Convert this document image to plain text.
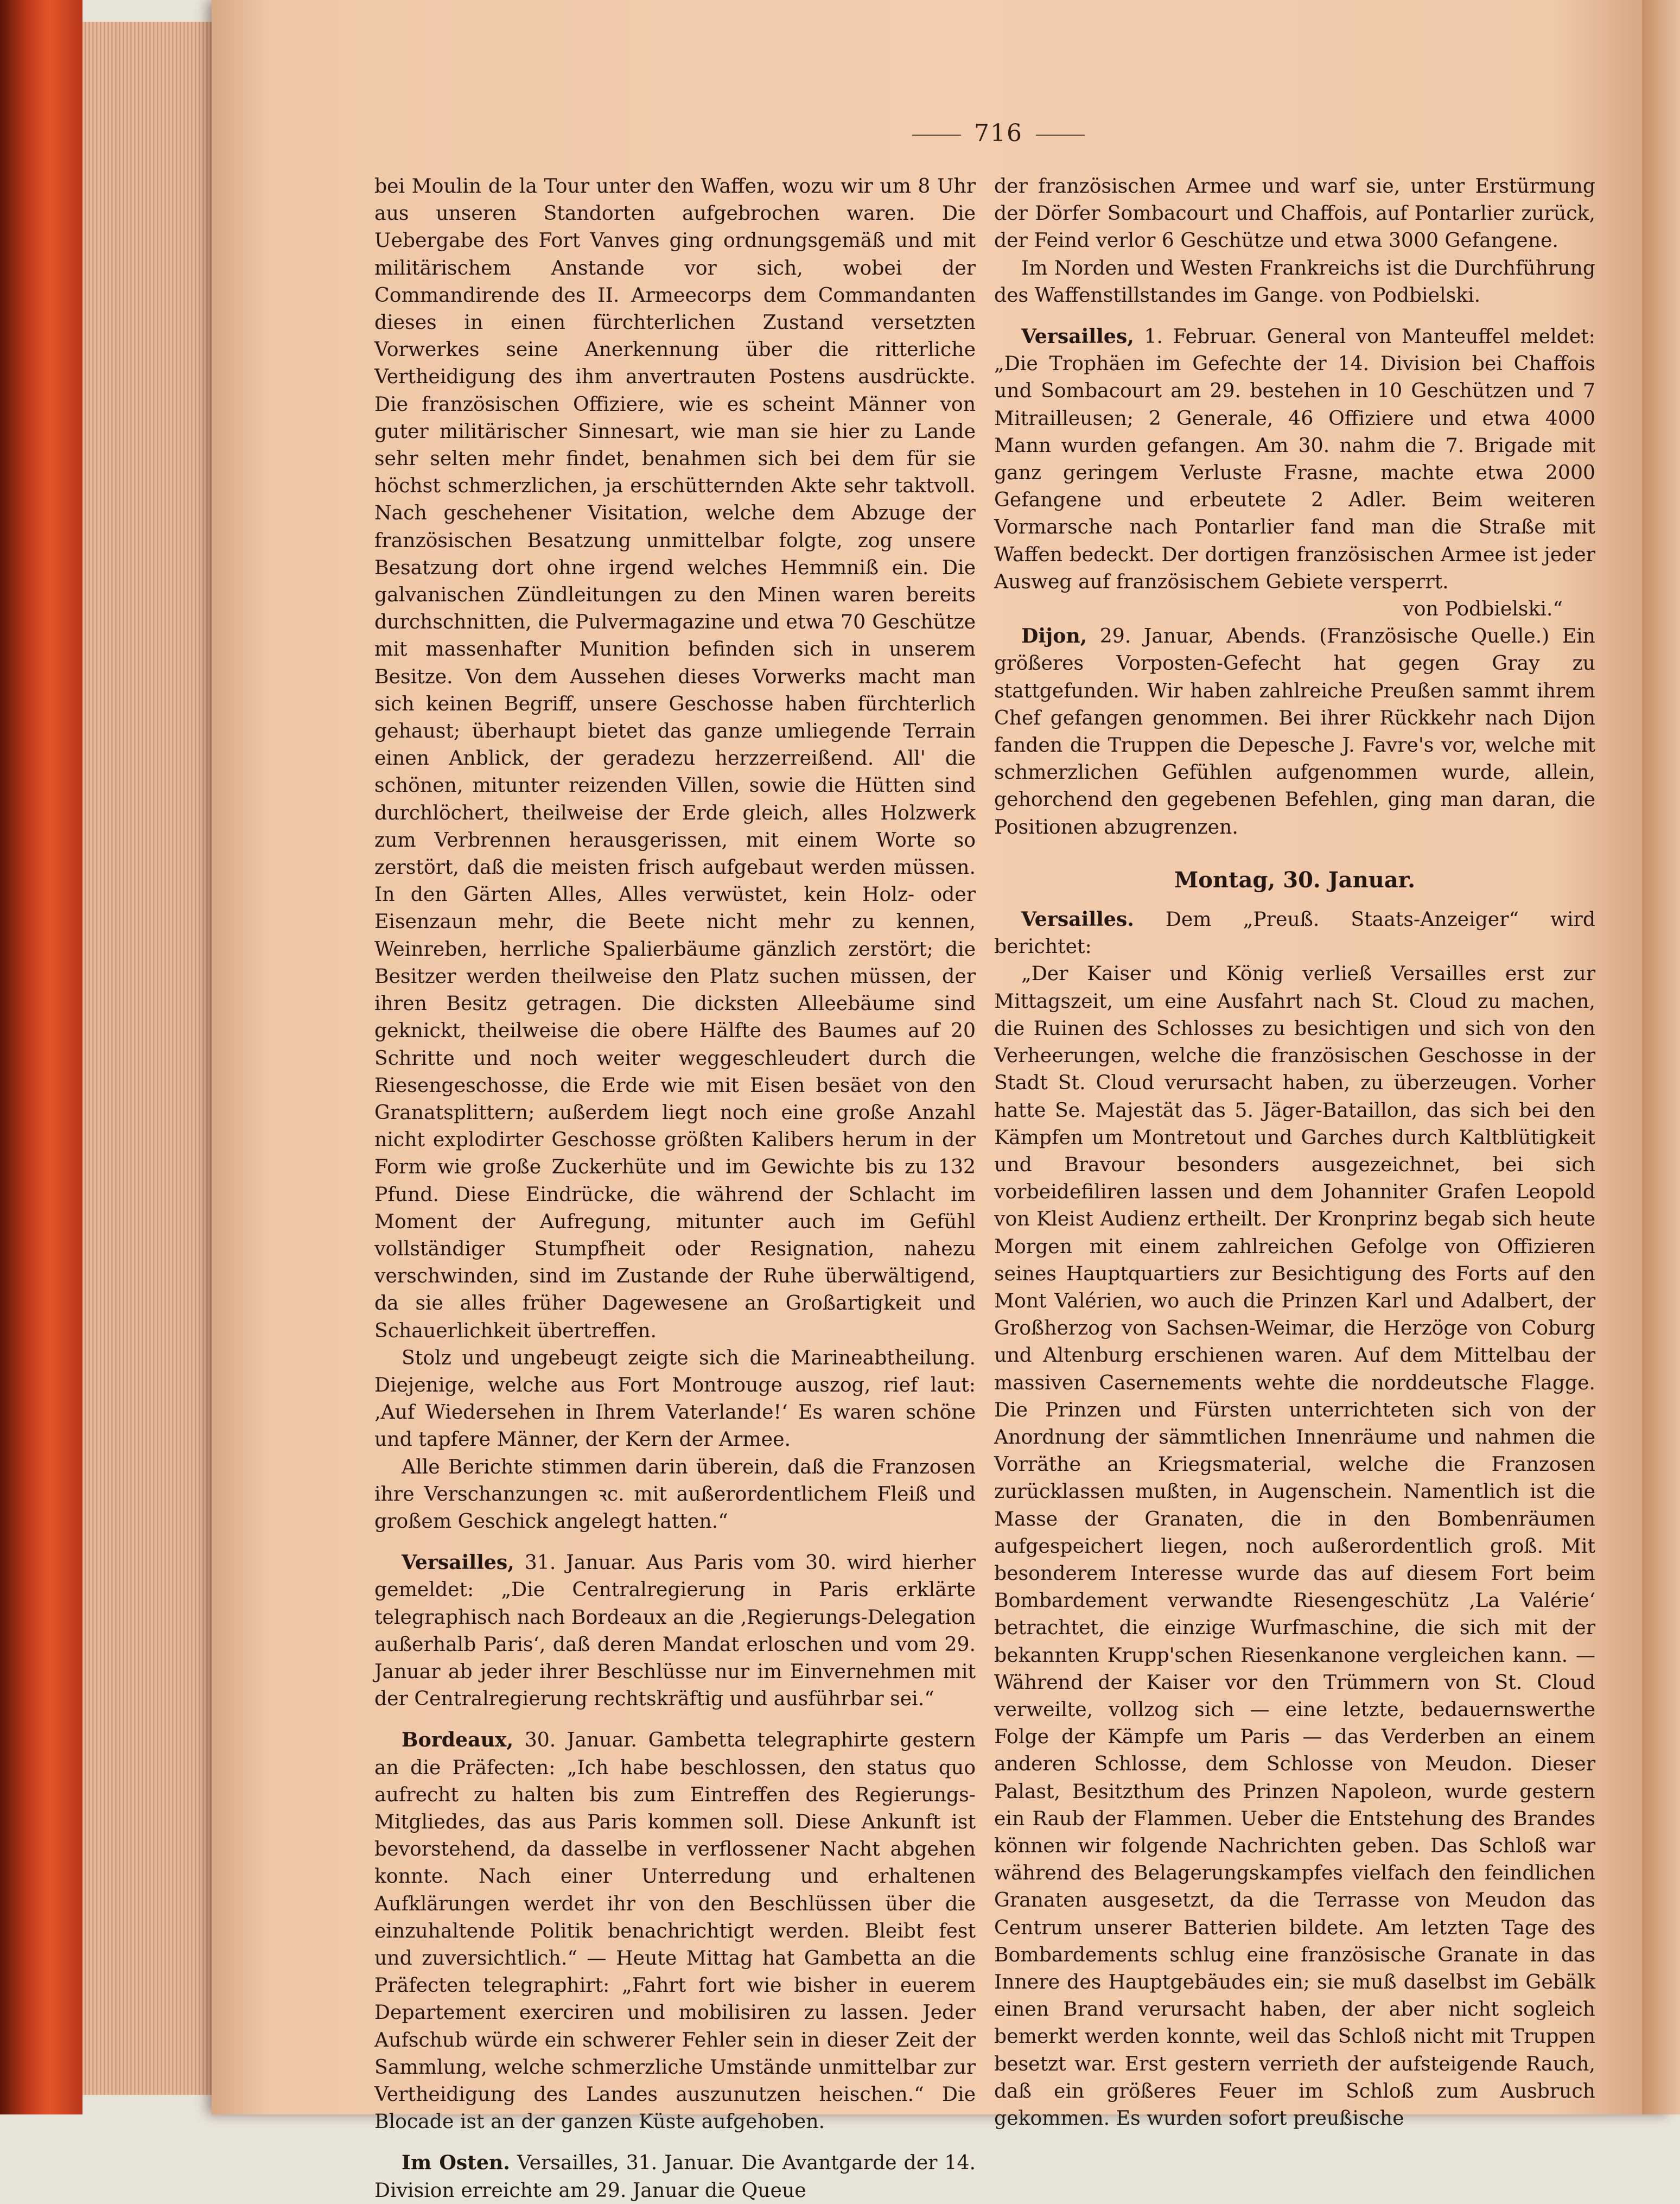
716

bei Moulin de la Tour unter den Waffen, wozu wir um 8 Uhr aus unseren Standorten aufgebrochen waren. Die Uebergabe des Fort Vanves ging ordnungsgemäß und mit militärischem Anstande vor sich, wobei der Commandirende des II. Armeecorps dem Commandanten dieses in einen fürchterlichen Zustand versetzten Vorwerkes seine Anerkennung über die ritterliche Vertheidigung des ihm anvertrauten Postens ausdrückte. Die französischen Offiziere, wie es scheint Männer von guter militärischer Sinnesart, wie man sie hier zu Lande sehr selten mehr findet, benahmen sich bei dem für sie höchst schmerzlichen, ja erschütternden Akte sehr taktvoll. Nach geschehener Visitation, welche dem Abzuge der französischen Besatzung unmittelbar folgte, zog unsere Besatzung dort ohne irgend welches Hemmniß ein. Die galvanischen Zündleitungen zu den Minen waren bereits durchschnitten, die Pulvermagazine und etwa 70 Geschütze mit massenhafter Munition befinden sich in unserem Besitze. Von dem Aussehen dieses Vorwerks macht man sich keinen Begriff, unsere Geschosse haben fürchterlich gehaust; überhaupt bietet das ganze umliegende Terrain einen Anblick, der geradezu herzzerreißend. All' die schönen, mitunter reizenden Villen, sowie die Hütten sind durchlöchert, theilweise der Erde gleich, alles Holzwerk zum Verbrennen herausgerissen, mit einem Worte so zerstört, daß die meisten frisch aufgebaut werden müssen. In den Gärten Alles, Alles verwüstet, kein Holz- oder Eisenzaun mehr, die Beete nicht mehr zu kennen, Weinreben, herrliche Spalierbäume gänzlich zerstört; die Besitzer werden theilweise den Platz suchen müssen, der ihren Besitz getragen. Die dicksten Alleebäume sind geknickt, theilweise die obere Hälfte des Baumes auf 20 Schritte und noch weiter weggeschleudert durch die Riesengeschosse, die Erde wie mit Eisen besäet von den Granatsplittern; außerdem liegt noch eine große Anzahl nicht explodirter Geschosse größten Kalibers herum in der Form wie große Zuckerhüte und im Gewichte bis zu 132 Pfund. Diese Eindrücke, die während der Schlacht im Moment der Aufregung, mitunter auch im Gefühl vollständiger Stumpfheit oder Resignation, nahezu verschwinden, sind im Zustande der Ruhe überwältigend, da sie alles früher Dagewesene an Großartigkeit und Schauerlichkeit übertreffen.

Stolz und ungebeugt zeigte sich die Marineabtheilung. Diejenige, welche aus Fort Montrouge auszog, rief laut: ‚Auf Wiedersehen in Ihrem Vaterlande!‘ Es waren schöne und tapfere Männer, der Kern der Armee.

Alle Berichte stimmen darin überein, daß die Franzosen ihre Verschanzungen ꝛc. mit außerordentlichem Fleiß und großem Geschick angelegt hatten.“

Versailles, 31. Januar. Aus Paris vom 30. wird hierher gemeldet: „Die Centralregierung in Paris erklärte telegraphisch nach Bordeaux an die ‚Regierungs-Delegation außerhalb Paris‘, daß deren Mandat erloschen und vom 29. Januar ab jeder ihrer Beschlüsse nur im Einvernehmen mit der Centralregierung rechtskräftig und ausführbar sei.“

Bordeaux, 30. Januar. Gambetta telegraphirte gestern an die Präfecten: „Ich habe beschlossen, den status quo aufrecht zu halten bis zum Eintreffen des Regierungs-Mitgliedes, das aus Paris kommen soll. Diese Ankunft ist bevorstehend, da dasselbe in verflossener Nacht abgehen konnte. Nach einer Unterredung und erhaltenen Aufklärungen werdet ihr von den Beschlüssen über die einzuhaltende Politik benachrichtigt werden. Bleibt fest und zuversichtlich.“ — Heute Mittag hat Gambetta an die Präfecten telegraphirt: „Fahrt fort wie bisher in euerem Departement exerciren und mobilisiren zu lassen. Jeder Aufschub würde ein schwerer Fehler sein in dieser Zeit der Sammlung, welche schmerzliche Umstände unmittelbar zur Vertheidigung des Landes auszunutzen heischen.“ Die Blocade ist an der ganzen Küste aufgehoben.

Im Osten. Versailles, 31. Januar. Die Avantgarde der 14. Division erreichte am 29. Januar die Queue

der französischen Armee und warf sie, unter Erstürmung der Dörfer Sombacourt und Chaffois, auf Pontarlier zurück, der Feind verlor 6 Geschütze und etwa 3000 Gefangene.

Im Norden und Westen Frankreichs ist die Durchführung des Waffenstillstandes im Gange. von Podbielski.

Versailles, 1. Februar. General von Manteuffel meldet: „Die Trophäen im Gefechte der 14. Division bei Chaffois und Sombacourt am 29. bestehen in 10 Geschützen und 7 Mitrailleusen; 2 Generale, 46 Offiziere und etwa 4000 Mann wurden gefangen. Am 30. nahm die 7. Brigade mit ganz geringem Verluste Frasne, machte etwa 2000 Gefangene und erbeutete 2 Adler. Beim weiteren Vormarsche nach Pontarlier fand man die Straße mit Waffen bedeckt. Der dortigen französischen Armee ist jeder Ausweg auf französischem Gebiete versperrt.

von Podbielski.“

Dijon, 29. Januar, Abends. (Französische Quelle.) Ein größeres Vorposten-Gefecht hat gegen Gray zu stattgefunden. Wir haben zahlreiche Preußen sammt ihrem Chef gefangen genommen. Bei ihrer Rückkehr nach Dijon fanden die Truppen die Depesche J. Favre's vor, welche mit schmerzlichen Gefühlen aufgenommen wurde, allein, gehorchend den gegebenen Befehlen, ging man daran, die Positionen abzugrenzen.

Montag, 30. Januar.

Versailles. Dem „Preuß. Staats-Anzeiger“ wird berichtet:

„Der Kaiser und König verließ Versailles erst zur Mittagszeit, um eine Ausfahrt nach St. Cloud zu machen, die Ruinen des Schlosses zu besichtigen und sich von den Verheerungen, welche die französischen Geschosse in der Stadt St. Cloud verursacht haben, zu überzeugen. Vorher hatte Se. Majestät das 5. Jäger-Bataillon, das sich bei den Kämpfen um Montretout und Garches durch Kaltblütigkeit und Bravour besonders ausgezeichnet, bei sich vorbeidefiliren lassen und dem Johanniter Grafen Leopold von Kleist Audienz ertheilt. Der Kronprinz begab sich heute Morgen mit einem zahlreichen Gefolge von Offizieren seines Hauptquartiers zur Besichtigung des Forts auf den Mont Valérien, wo auch die Prinzen Karl und Adalbert, der Großherzog von Sachsen-Weimar, die Herzöge von Coburg und Altenburg erschienen waren. Auf dem Mittelbau der massiven Casernements wehte die norddeutsche Flagge. Die Prinzen und Fürsten unterrichteten sich von der Anordnung der sämmtlichen Innenräume und nahmen die Vorräthe an Kriegsmaterial, welche die Franzosen zurücklassen mußten, in Augenschein. Namentlich ist die Masse der Granaten, die in den Bombenräumen aufgespeichert liegen, noch außerordentlich groß. Mit besonderem Interesse wurde das auf diesem Fort beim Bombardement verwandte Riesengeschütz ‚La Valérie‘ betrachtet, die einzige Wurfmaschine, die sich mit der bekannten Krupp'schen Riesenkanone vergleichen kann. — Während der Kaiser vor den Trümmern von St. Cloud verweilte, vollzog sich — eine letzte, bedauernswerthe Folge der Kämpfe um Paris — das Verderben an einem anderen Schlosse, dem Schlosse von Meudon. Dieser Palast, Besitzthum des Prinzen Napoleon, wurde gestern ein Raub der Flammen. Ueber die Entstehung des Brandes können wir folgende Nachrichten geben. Das Schloß war während des Belagerungskampfes vielfach den feindlichen Granaten ausgesetzt, da die Terrasse von Meudon das Centrum unserer Batterien bildete. Am letzten Tage des Bombardements schlug eine französische Granate in das Innere des Hauptgebäudes ein; sie muß daselbst im Gebälk einen Brand verursacht haben, der aber nicht sogleich bemerkt werden konnte, weil das Schloß nicht mit Truppen besetzt war. Erst gestern verrieth der aufsteigende Rauch, daß ein größeres Feuer im Schloß zum Ausbruch gekommen. Es wurden sofort preußische
